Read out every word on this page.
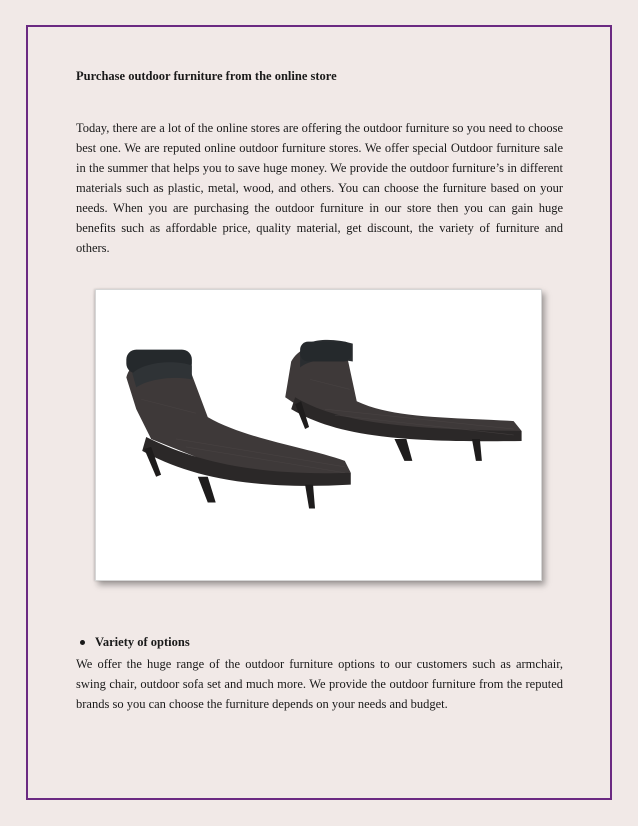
Purchase outdoor furniture from the online store

Today, there are a lot of the online stores are offering the outdoor furniture so you need to choose best one. We are reputed online outdoor furniture stores. We offer special Outdoor furniture sale in the summer that helps you to save huge money. We provide the outdoor furniture’s in different materials such as plastic, metal, wood, and others. You can choose the furniture based on your needs. When you are purchasing the outdoor furniture in our store then you can gain huge benefits such as affordable price, quality material, get discount, the variety of furniture and others.

Variety of options

We offer the huge range of the outdoor furniture options to our customers such as armchair, swing chair, outdoor sofa set and much more. We provide the outdoor furniture from the reputed brands so you can choose the furniture depends on your needs and budget.
